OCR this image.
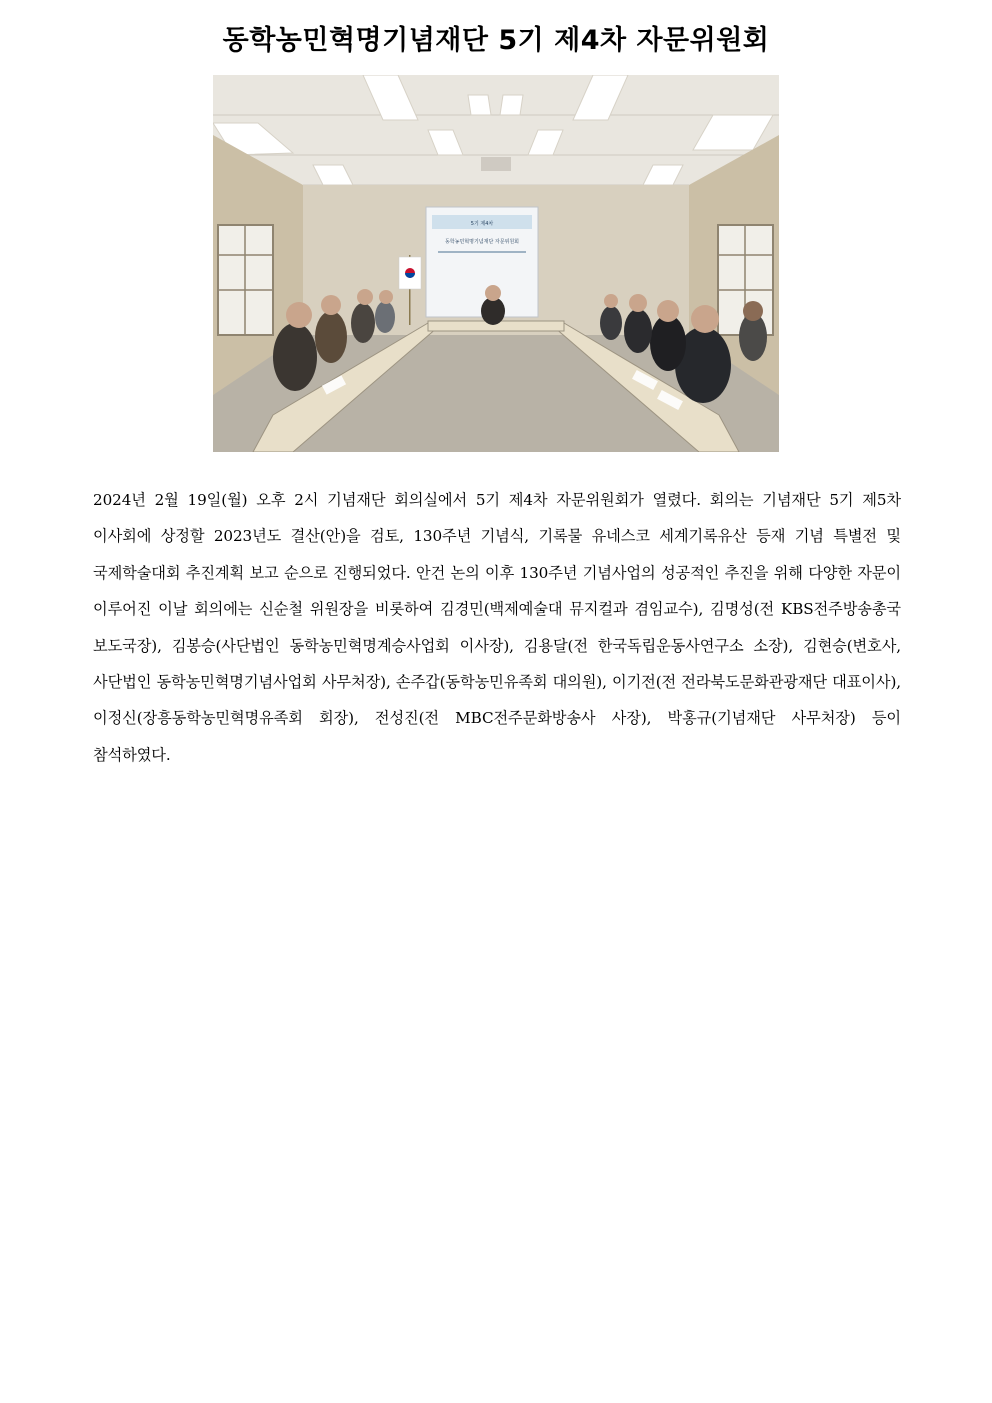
동학농민혁명기념재단 5기 제4차 자문위원회
5기 제4차
동학농민혁명기념재단 자문위원회
2024년 2월 19일(월) 오후 2시 기념재단 회의실에서 5기 제4차 자문위원회가 열렸다. 회의는 기념재단 5기 제5차 이사회에 상정할 2023년도 결산(안)을 검토, 130주년 기념식, 기록물 유네스코 세계기록유산 등재 기념 특별전 및 국제학술대회 추진계획 보고 순으로 진행되었다. 안건 논의 이후 130주년 기념사업의 성공적인 추진을 위해 다양한 자문이 이루어진 이날 회의에는 신순철 위원장을 비롯하여 김경민(백제예술대 뮤지컬과 겸임교수), 김명성(전 KBS전주방송총국 보도국장), 김봉승(사단법인 동학농민혁명계승사업회 이사장), 김용달(전 한국독립운동사연구소 소장), 김현승(변호사, 사단법인 동학농민혁명기념사업회 사무처장), 손주갑(동학농민유족회 대의원), 이기전(전 전라북도문화관광재단 대표이사), 이정신(장흥동학농민혁명유족회 회장), 전성진(전 MBC전주문화방송사 사장), 박홍규(기념재단 사무처장) 등이 참석하였다.
